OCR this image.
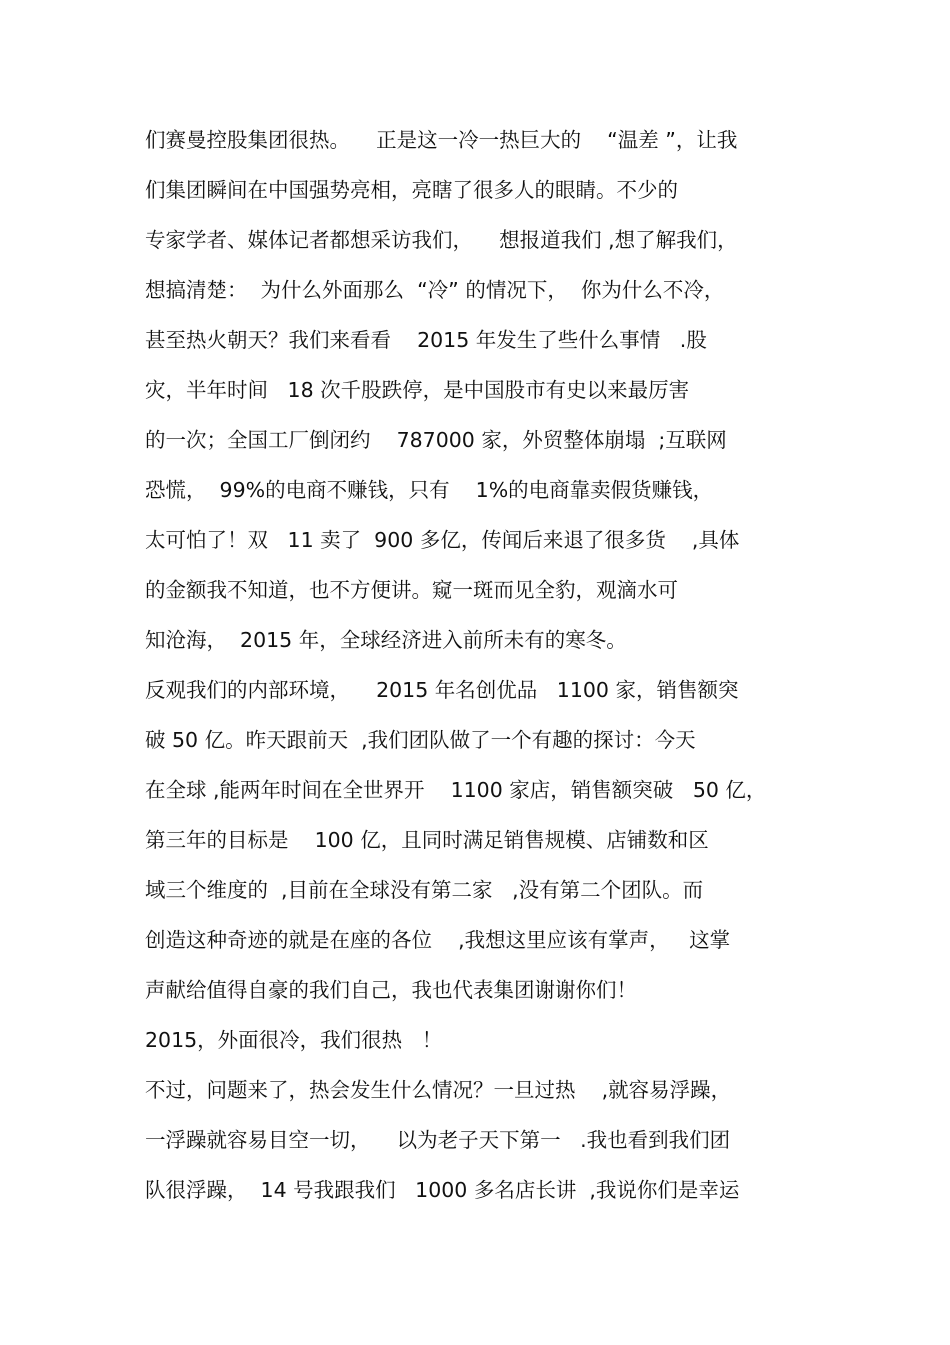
们赛曼控股集团很热。    正是这一冷一热巨大的    “温差 ”，让我
们集团瞬间在中国强势亮相，亮瞎了很多人的眼睛。不少的
专家学者、媒体记者都想采访我们，    想报道我们 ,想了解我们，
想搞清楚：  为什么外面那么  “冷” 的情况下，  你为什么不冷，
甚至热火朝天？我们来看看    2015 年发生了些什么事情   .股
灾，半年时间   18 次千股跌停，是中国股市有史以来最厉害
的一次；全国工厂倒闭约    787000 家，外贸整体崩塌  ;互联网
恐慌，  99%的电商不赚钱，只有    1%的电商靠卖假货赚钱，
太可怕了！双   11 卖了  900 多亿，传闻后来退了很多货    ,具体
的金额我不知道，也不方便讲。窥一斑而见全豹，观滴水可
知沧海，  2015 年，全球经济进入前所未有的寒冬。
反观我们的内部环境，    2015 年名创优品   1100 家，销售额突
破 50 亿。昨天跟前天  ,我们团队做了一个有趣的探讨：今天
在全球 ,能两年时间在全世界开    1100 家店，销售额突破   50 亿，
第三年的目标是    100 亿，且同时满足销售规模、店铺数和区
域三个维度的  ,目前在全球没有第二家   ,没有第二个团队。而
创造这种奇迹的就是在座的各位    ,我想这里应该有掌声，   这掌
声献给值得自豪的我们自己，我也代表集团谢谢你们！
2015，外面很冷，我们很热   ！
不过，问题来了，热会发生什么情况？一旦过热    ,就容易浮躁，
一浮躁就容易目空一切，    以为老子天下第一   .我也看到我们团
队很浮躁，  14 号我跟我们   1000 多名店长讲  ,我说你们是幸运
